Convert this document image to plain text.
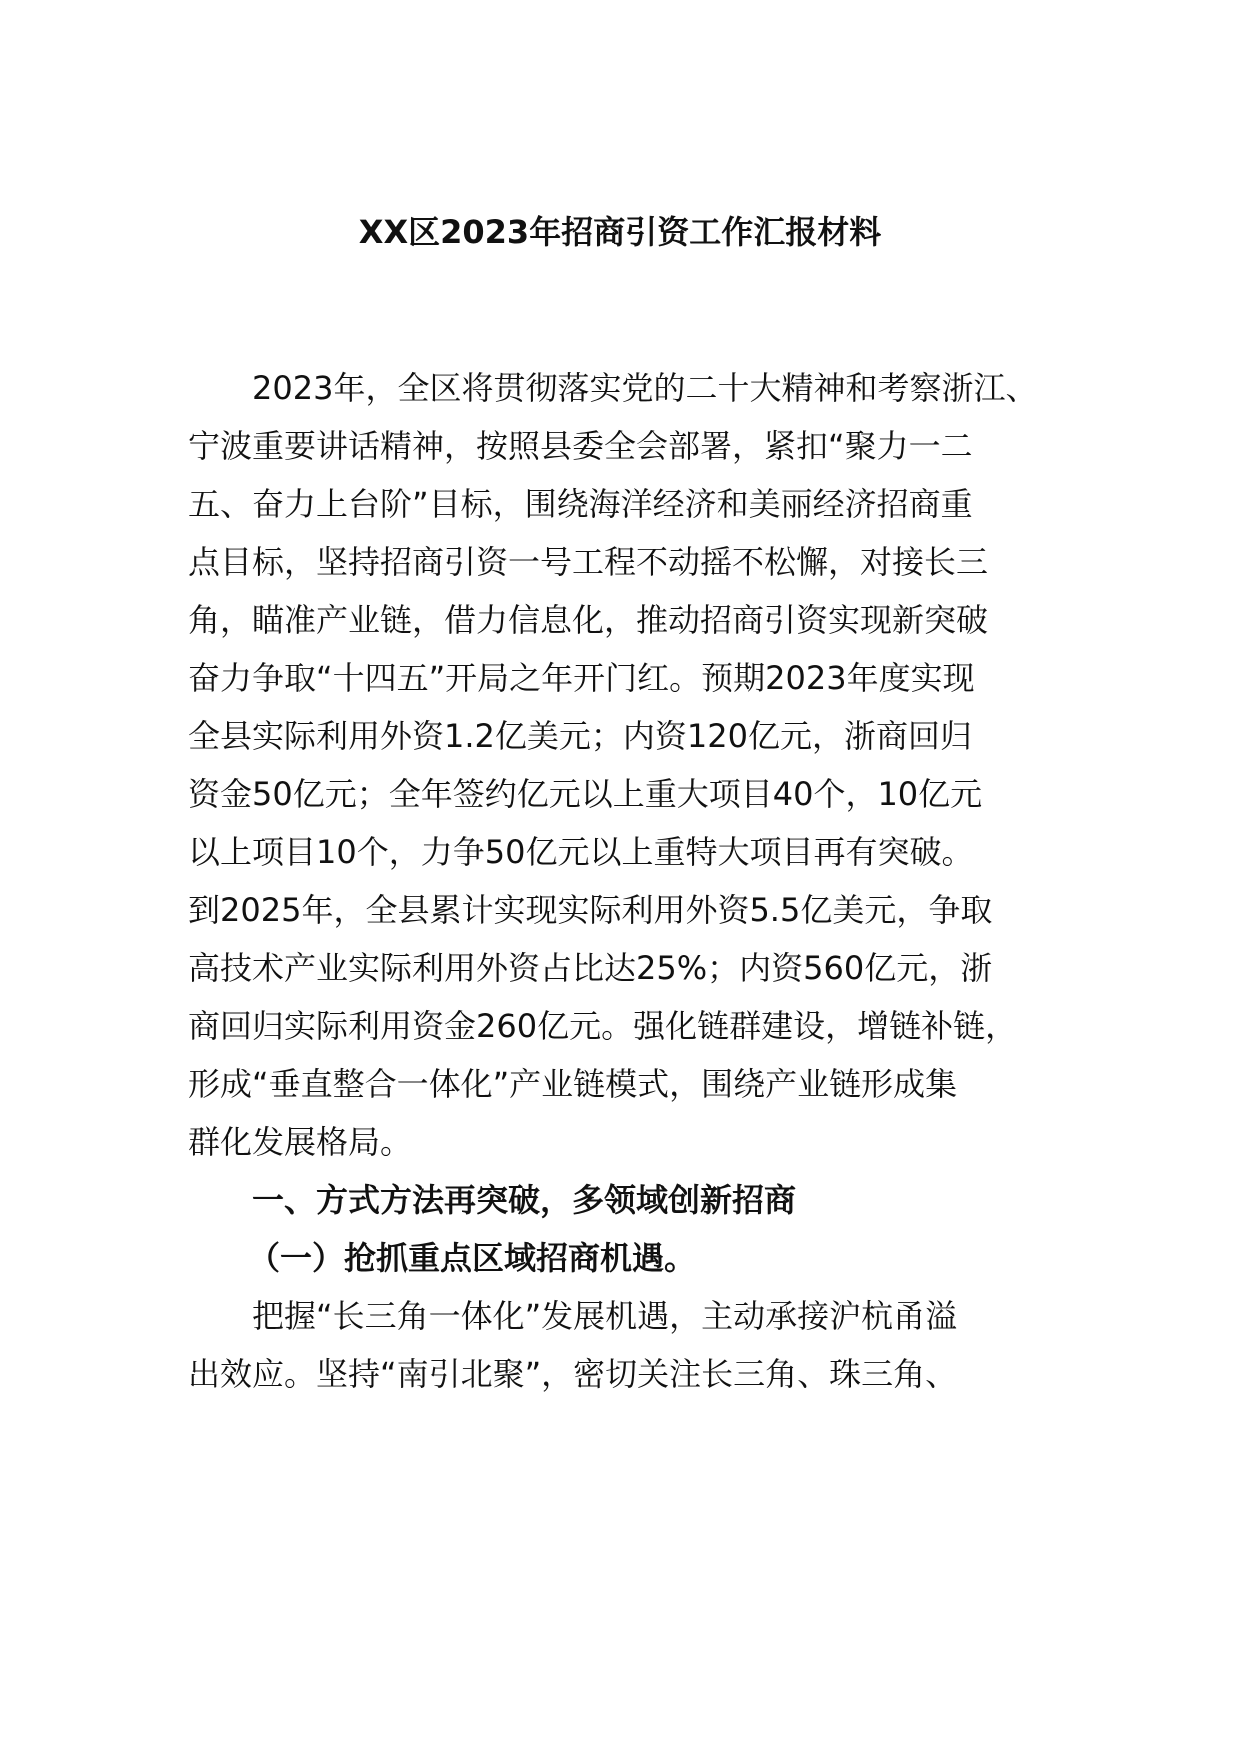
XX区2023年招商引资工作汇报材料

2023年，全区将贯彻落实党的二十大精神和考察浙江、

宁波重要讲话精神，按照县委全会部署，紧扣“聚力一二

五、奋力上台阶”目标，围绕海洋经济和美丽经济招商重

点目标，坚持招商引资一号工程不动摇不松懈，对接长三

角，瞄准产业链，借力信息化，推动招商引资实现新突破

奋力争取“十四五”开局之年开门红。预期2023年度实现

全县实际利用外资1.2亿美元；内资120亿元，浙商回归

资金50亿元；全年签约亿元以上重大项目40个，10亿元

以上项目10个，力争50亿元以上重特大项目再有突破。

到2025年，全县累计实现实际利用外资5.5亿美元，争取

高技术产业实际利用外资占比达25%；内资560亿元，浙

商回归实际利用资金260亿元。强化链群建设，增链补链，

形成“垂直整合一体化”产业链模式，围绕产业链形成集

群化发展格局。

一、方式方法再突破，多领域创新招商
（一）抢抓重点区域招商机遇。

把握“长三角一体化”发展机遇，主动承接沪杭甬溢

出效应。坚持“南引北聚”，密切关注长三角、珠三角、
